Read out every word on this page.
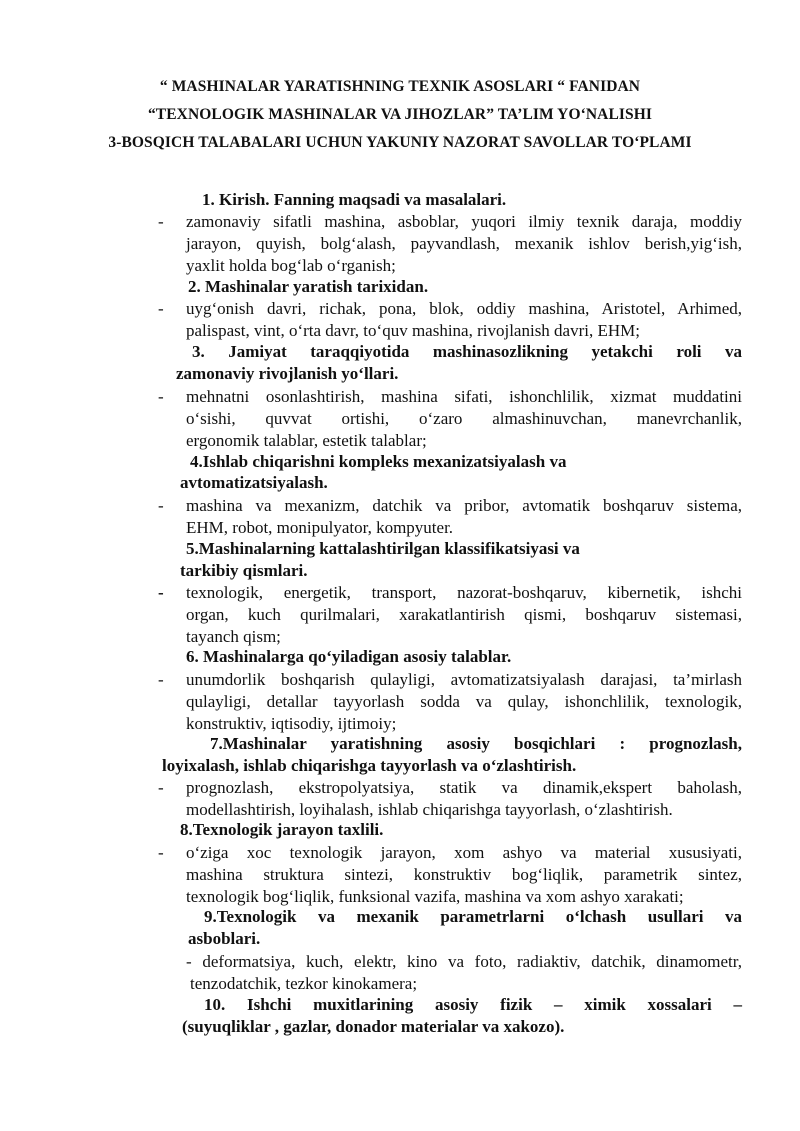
“ MASHINALAR YARATISHNING TEXNIK ASOSLARI “ FANIDAN
“TEXNOLOGIK MASHINALAR VA JIHOZLAR” TA’LIM YO‘NALISHI
3-BOSQICH TALABALARI UCHUN YAKUNIY NAZORAT SAVOLLAR TO‘PLAMI
1. Kirish. Fanning maqsadi va masalalari.
- zamonaviy sifatli mashina, asboblar, yuqori ilmiy texnik daraja, moddiy
jarayon, quyish, bolg‘alash, payvandlash, mexanik ishlov berish,yig‘ish,
yaxlit holda bog‘lab o‘rganish;
2. Mashinalar yaratish tarixidan.
- uyg‘onish davri, richak, pona, blok, oddiy mashina, Aristotel, Arhimed,
palispast, vint, o‘rta davr, to‘quv mashina, rivojlanish davri, EHM;
3. Jamiyat taraqqiyotida mashinasozlikning yetakchi roli va
zamonaviy rivojlanish yo‘llari.
- mehnatni osonlashtirish, mashina sifati, ishonchlilik, xizmat muddatini
o‘sishi, quvvat ortishi, o‘zaro almashinuvchan, manevrchanlik,
ergonomik talablar, estetik talablar;
4.Ishlab chiqarishni kompleks mexanizatsiyalash va
avtomatizatsiyalash.
- mashina va mexanizm, datchik va pribor, avtomatik boshqaruv sistema,
EHM, robot, monipulyator, kompyuter.
5.Mashinalarning kattalashtirilgan klassifikatsiyasi va
tarkibiy qismlari.
- texnologik, energetik, transport, nazorat-boshqaruv, kibernetik, ishchi
organ, kuch qurilmalari, xarakatlantirish qismi, boshqaruv sistemasi,
tayanch qism;
6. Mashinalarga qo‘yiladigan asosiy talablar.
- unumdorlik boshqarish qulayligi, avtomatizatsiyalash darajasi, ta’mirlash
qulayligi, detallar tayyorlash sodda va qulay, ishonchlilik, texnologik,
konstruktiv, iqtisodiy, ijtimoiy;
7.Mashinalar yaratishning asosiy bosqichlari : prognozlash,
loyixalash, ishlab chiqarishga tayyorlash va o‘zlashtirish.
- prognozlash, ekstropolyatsiya, statik va dinamik,ekspert baholash,
modellashtirish, loyihalash, ishlab chiqarishga tayyorlash, o‘zlashtirish.
8.Texnologik jarayon taxlili.
- o‘ziga xoc texnologik jarayon, xom ashyo va material xususiyati,
mashina struktura sintezi, konstruktiv bog‘liqlik, parametrik sintez,
texnologik bog‘liqlik, funksional vazifa, mashina va xom ashyo xarakati;
9.Texnologik va mexanik parametrlarni o‘lchash usullari va
asboblari.
- deformatsiya, kuch, elektr, kino va foto, radiaktiv, datchik, dinamometr,
tenzodatchik, tezkor kinokamera;
10. Ishchi muxitlarining asosiy fizik – ximik xossalari –
(suyuqliklar , gazlar, donador materialar va xakozo).
